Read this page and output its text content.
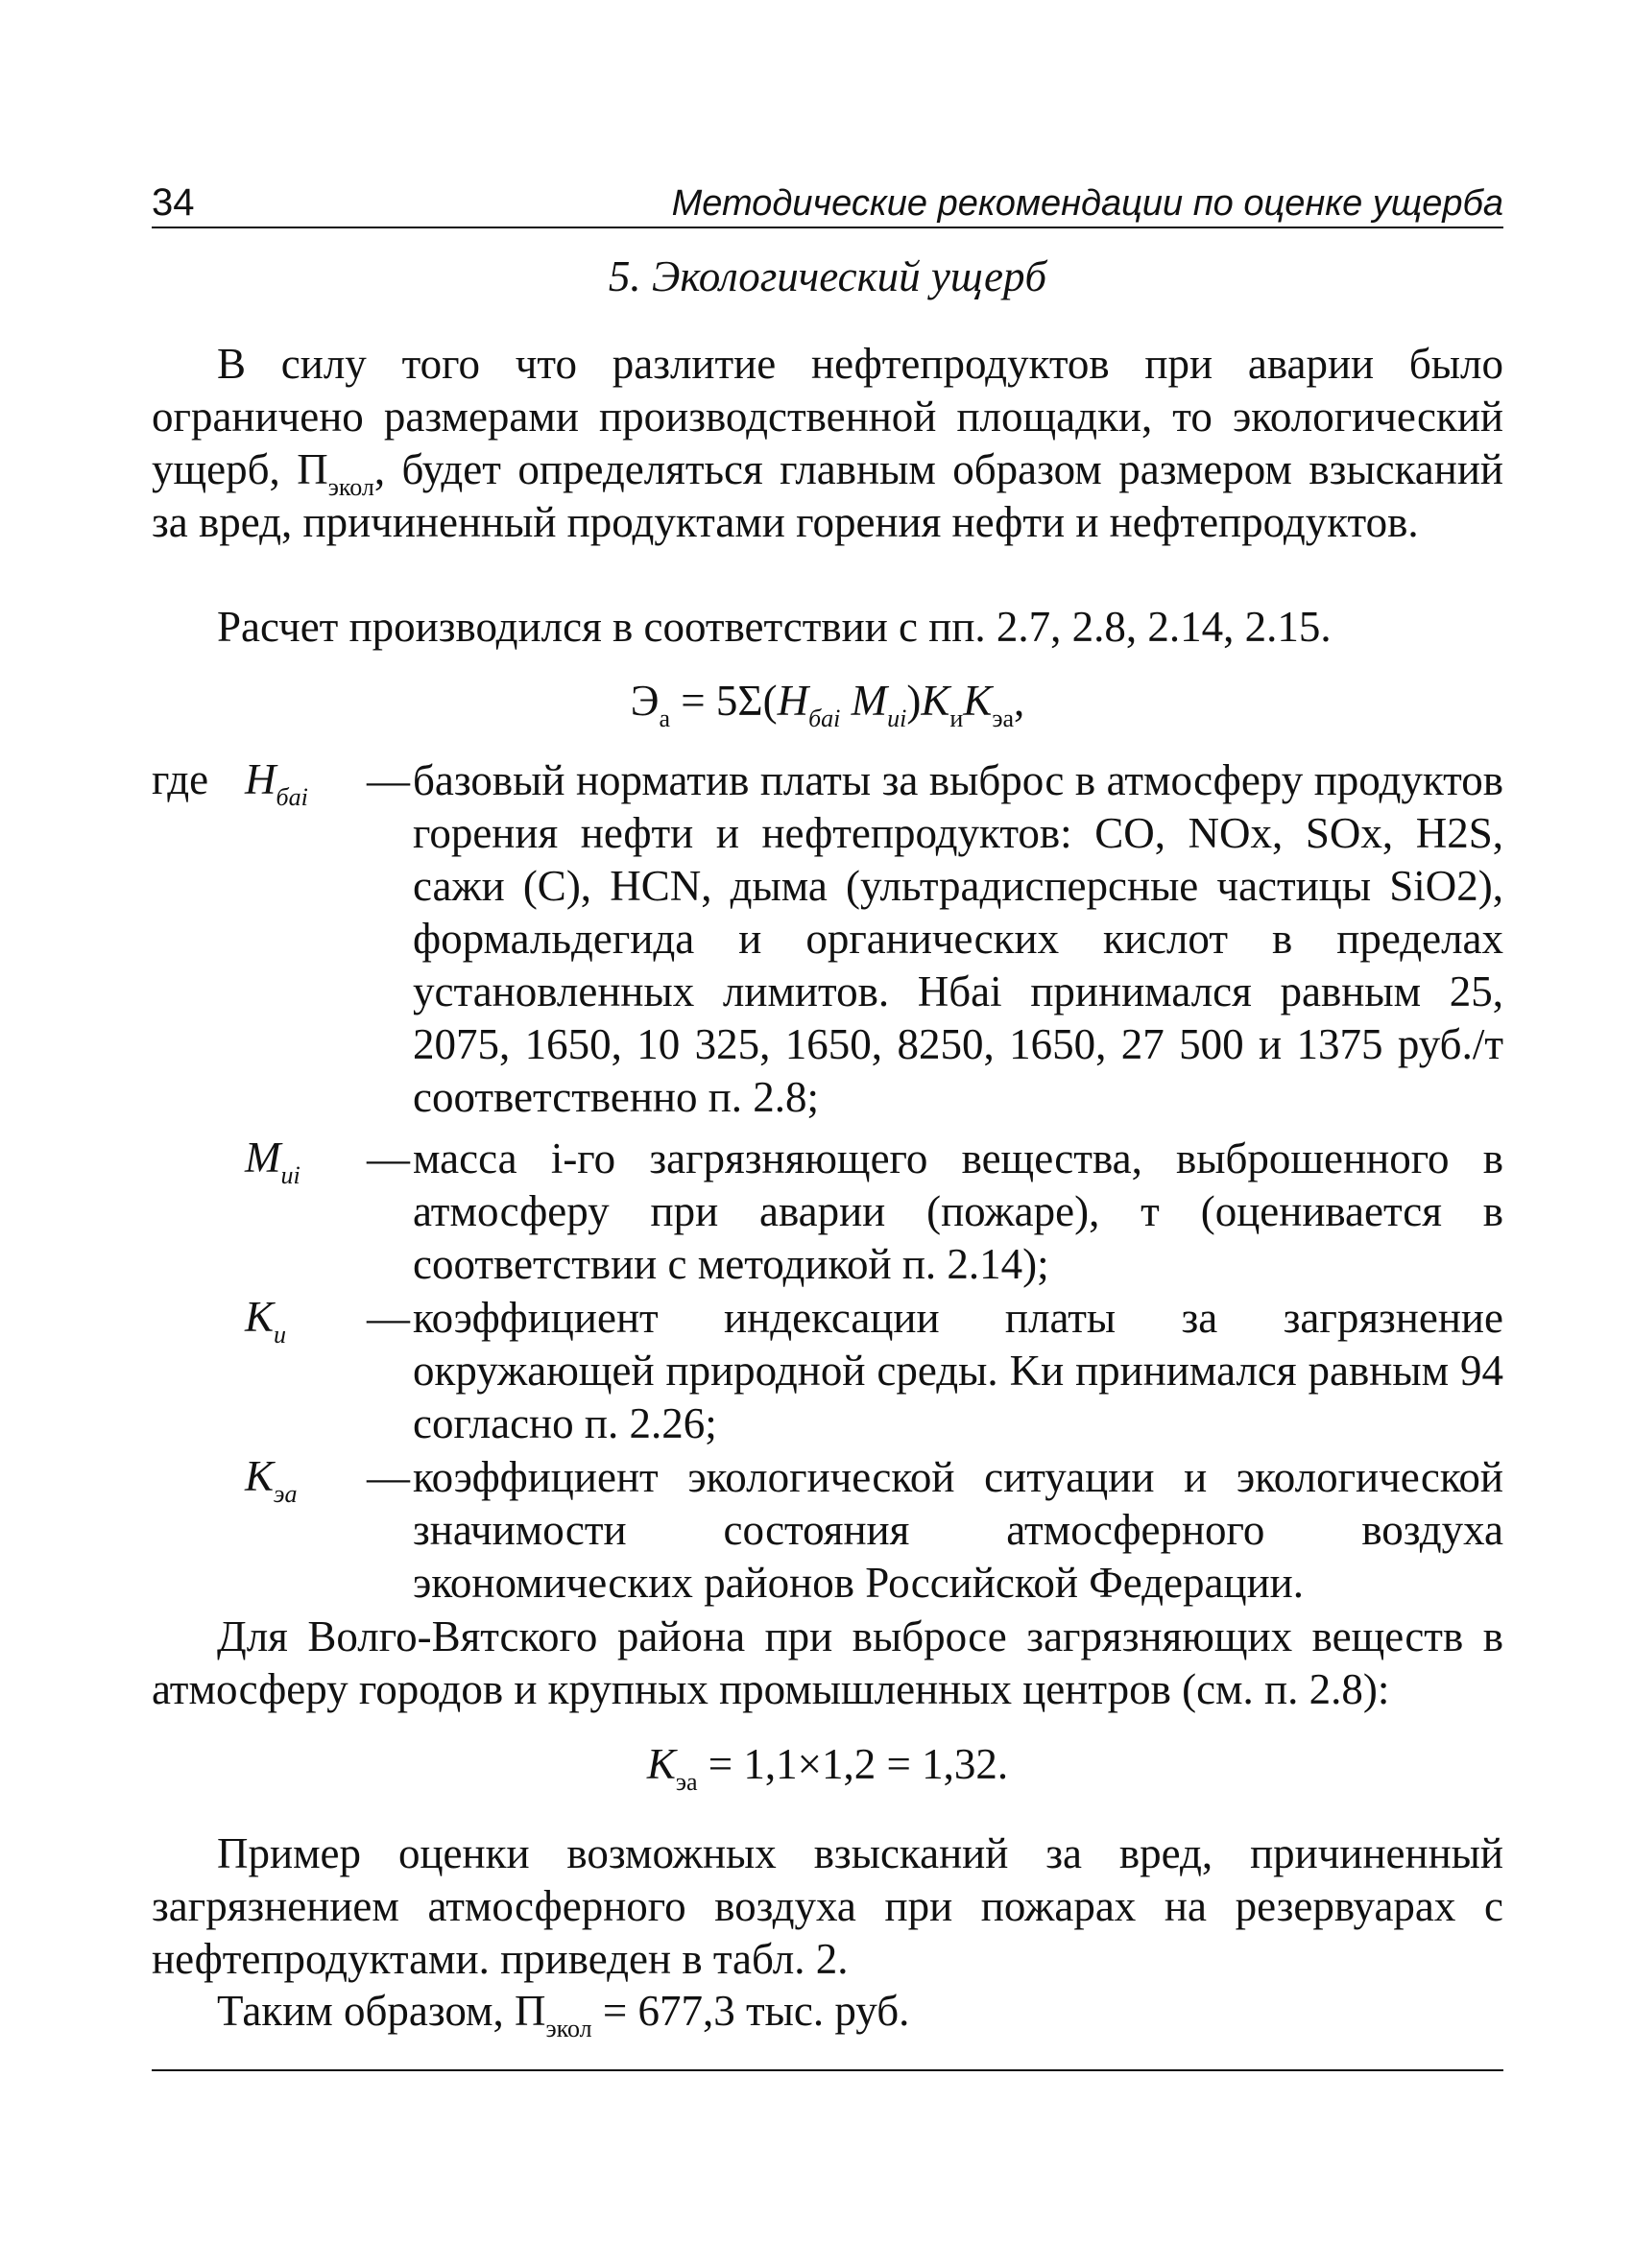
34	Методические рекомендации по оценке ущерба
5. Экологический ущерб
В силу того что разлитие нефтепродуктов при аварии было ограничено размерами производственной площадки, то экологический ущерб, $П_{экол}$, будет определяться главным образом размером взысканий за вред, причиненный продуктами горения нефти и нефтепродуктов.
Расчет производился в соответствии с пп. 2.7, 2.8, 2.14, 2.15.
$Э_а = 5\Sigma(H_{баi}$ $M_{иi})K_иK_{эа}$,
где $H_{баi}$ —базовый норматив платы за выброс в атмосферу продуктов горения нефти и нефтепродуктов: CO, NOx, SOx, H2S, сажи (C), HCN, дыма (ультрадисперсные частицы SiO2), формальдегида и органических кислот в пределах установленных лимитов. Hбаi принимался равным 25, 2075, 1650, 10 325, 1650, 8250, 1650, 27 500 и 1375 руб./т соответственно п. 2.8;
$M_{иi}$ —масса i-го загрязняющего вещества, выброшенного в атмосферу при аварии (пожаре), т (оценивается в соответствии с методикой п. 2.14);
$K_и$ —коэффициент индексации платы за загрязнение окружающей природной среды. Kи принимался равным 94 согласно п. 2.26;
$K_{эа}$ —коэффициент экологической ситуации и экологической значимости состояния атмосферного воздуха экономических районов Российской Федерации.
Для Волго-Вятского района при выбросе загрязняющих веществ в атмосферу городов и крупных промышленных центров (см. п. 2.8):
$K_{эа} = 1,1\times 1,2 = 1,32$.
Пример оценки возможных взысканий за вред, причиненный загрязнением атмосферного воздуха при пожарах на резервуарах с нефтепродуктами. приведен в табл. 2.
Таким образом, $П_{экол} = 677,3$ тыс. руб.
